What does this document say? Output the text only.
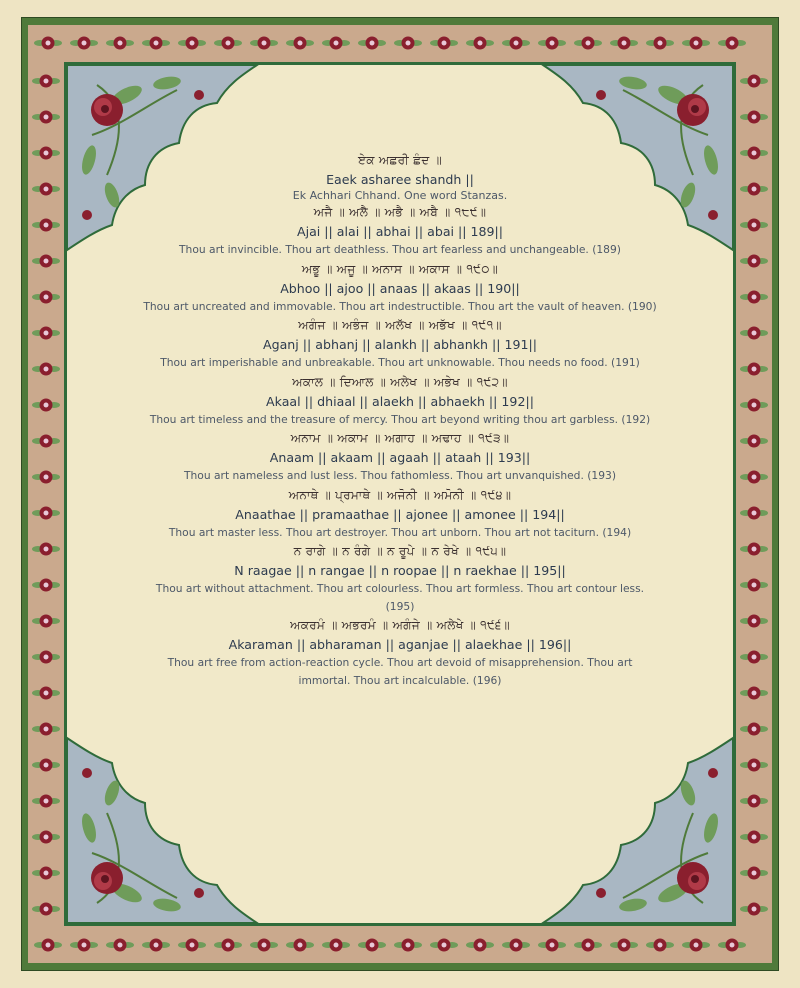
ਏਕ ਅਛਰੀ ਛੰਦ ॥
Eaek asharee shandh ||
Ek Achhari Chhand. One word Stanzas.
ਅਜੈ ॥ ਅਲੈ ॥ ਅਭੈ ॥ ਅਬੈ ॥ ੧੮੯॥
Ajai || alai || abhai || abai || 189||
Thou art invincible. Thou art deathless. Thou art fearless and unchangeable. (189)
ਅਭੂ ॥ ਅਜੂ ॥ ਅਨਾਸ ॥ ਅਕਾਸ ॥ ੧੯੦॥
Abhoo || ajoo || anaas || akaas || 190||
Thou art uncreated and immovable. Thou art indestructible. Thou art the vault of heaven. (190)
ਅਗੰਜ ॥ ਅਭੰਜ ॥ ਅਲੱਖ ॥ ਅਭੱਖ ॥ ੧੯੧॥
Aganj || abhanj || alankh || abhankh || 191||
Thou art imperishable and unbreakable. Thou art unknowable. Thou needs no food. (191)
ਅਕਾਲ ॥ ਦਿਆਲ ॥ ਅਲੇਖ ॥ ਅਭੇਖ ॥ ੧੯੨॥
Akaal || dhiaal || alaekh || abhaekh || 192||
Thou art timeless and the treasure of mercy. Thou art beyond writing thou art garbless. (192)
ਅਨਾਮ ॥ ਅਕਾਮ ॥ ਅਗਾਹ ॥ ਅਢਾਹ ॥ ੧੯੩॥
Anaam || akaam || agaah || ataah || 193||
Thou art nameless and lust less. Thou fathomless. Thou art unvanquished. (193)
ਅਨਾਥੇ ॥ ਪ੍ਰਮਾਥੇ ॥ ਅਜੋਨੀ ॥ ਅਮੋਨੀ ॥ ੧੯੪॥
Anaathae || pramaathae || ajonee || amonee || 194||
Thou art master less. Thou art destroyer. Thou art unborn. Thou art not taciturn. (194)
ਨ ਰਾਗੇ ॥ ਨ ਰੰਗੇ ॥ ਨ ਰੂਪੇ ॥ ਨ ਰੇਖੇ ॥ ੧੯੫॥
N raagae || n rangae || n roopae || n raekhae || 195||
Thou art without attachment. Thou art colourless. Thou art formless. Thou art contour less. (195)
ਅਕਰਮੰ ॥ ਅਭਰਮੰ ॥ ਅਗੰਜੇ ॥ ਅਲੇਖੇ ॥ ੧੯੬॥
Akaraman || abharaman || aganjae || alaekhae || 196||
Thou art free from action-reaction cycle. Thou art devoid of misapprehension. Thou art immortal. Thou art incalculable. (196)
